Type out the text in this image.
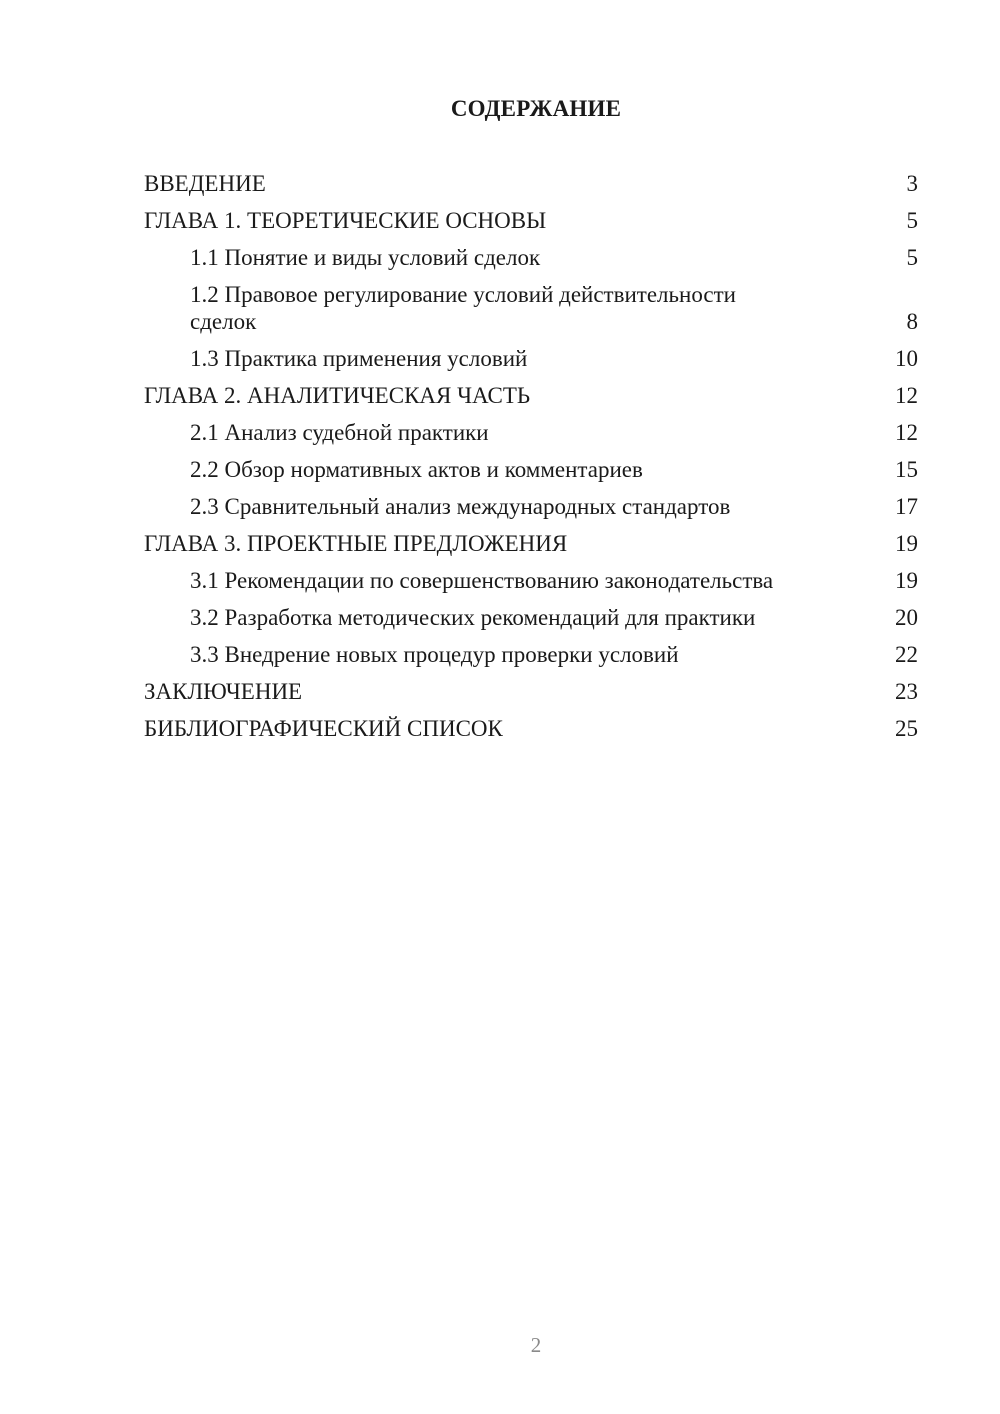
СОДЕРЖАНИЕ
ВВЕДЕНИЕ	3
ГЛАВА 1. ТЕОРЕТИЧЕСКИЕ ОСНОВЫ	5
1.1 Понятие и виды условий сделок	5
1.2 Правовое регулирование условий действительности сделок	8
1.3 Практика применения условий	10
ГЛАВА 2. АНАЛИТИЧЕСКАЯ ЧАСТЬ	12
2.1 Анализ судебной практики	12
2.2 Обзор нормативных актов и комментариев	15
2.3 Сравнительный анализ международных стандартов	17
ГЛАВА 3. ПРОЕКТНЫЕ ПРЕДЛОЖЕНИЯ	19
3.1 Рекомендации по совершенствованию законодательства	19
3.2 Разработка методических рекомендаций для практики	20
3.3 Внедрение новых процедур проверки условий	22
ЗАКЛЮЧЕНИЕ	23
БИБЛИОГРАФИЧЕСКИЙ СПИСОК	25
2
